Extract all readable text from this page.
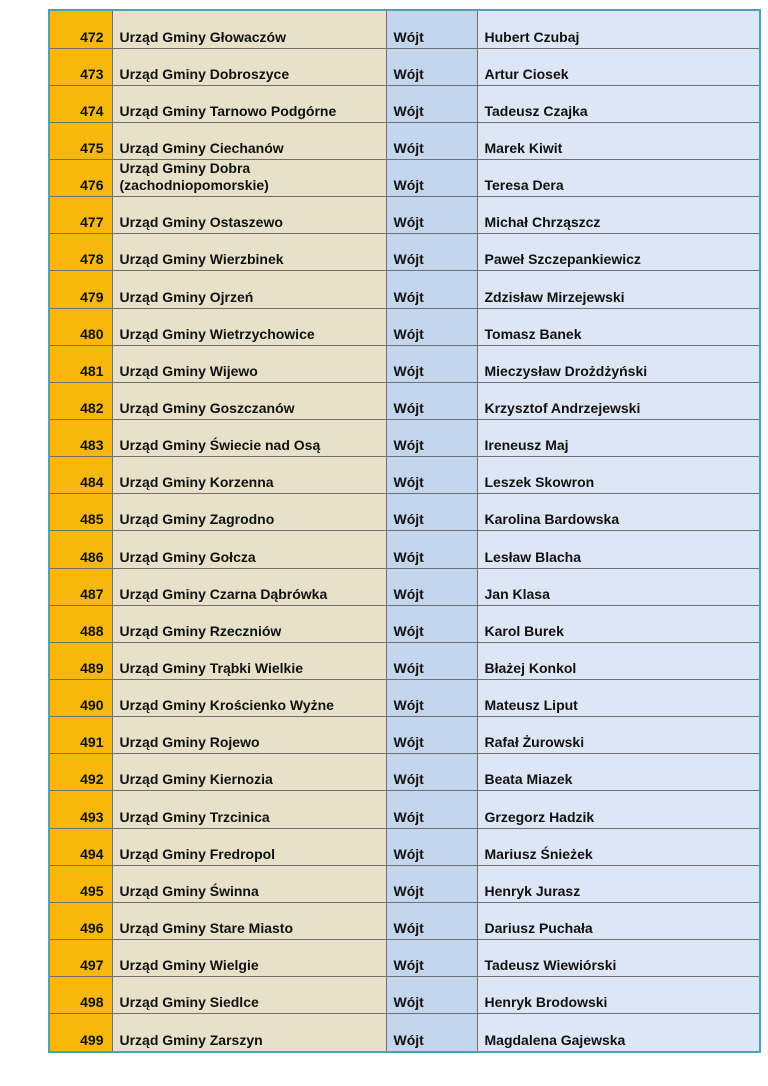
472	Urząd Gminy Głowaczów	Wójt	Hubert Czubaj
473	Urząd Gminy Dobroszyce	Wójt	Artur Ciosek
474	Urząd Gminy Tarnowo Podgórne	Wójt	Tadeusz Czajka
475	Urząd Gminy Ciechanów	Wójt	Marek Kiwit
476	Urząd Gminy Dobra (zachodniopomorskie)	Wójt	Teresa Dera
477	Urząd Gminy Ostaszewo	Wójt	Michał Chrząszcz
478	Urząd Gminy Wierzbinek	Wójt	Paweł Szczepankiewicz
479	Urząd Gminy Ojrzeń	Wójt	Zdzisław Mirzejewski
480	Urząd Gminy Wietrzychowice	Wójt	Tomasz Banek
481	Urząd Gminy Wijewo	Wójt	Mieczysław Drożdżyński
482	Urząd Gminy Goszczanów	Wójt	Krzysztof Andrzejewski
483	Urząd Gminy Świecie nad Osą	Wójt	Ireneusz Maj
484	Urząd Gminy Korzenna	Wójt	Leszek Skowron
485	Urząd Gminy Zagrodno	Wójt	Karolina Bardowska
486	Urząd Gminy Gołcza	Wójt	Lesław Blacha
487	Urząd Gminy Czarna Dąbrówka	Wójt	Jan Klasa
488	Urząd Gminy Rzeczniów	Wójt	Karol Burek
489	Urząd Gminy Trąbki Wielkie	Wójt	Błażej Konkol
490	Urząd Gminy Krościenko Wyżne	Wójt	Mateusz Liput
491	Urząd Gminy Rojewo	Wójt	Rafał Żurowski
492	Urząd Gminy Kiernozia	Wójt	Beata Miazek
493	Urząd Gminy Trzcinica	Wójt	Grzegorz Hadzik
494	Urząd Gminy Fredropol	Wójt	Mariusz Śnieżek
495	Urząd Gminy Świnna	Wójt	Henryk Jurasz
496	Urząd Gminy Stare Miasto	Wójt	Dariusz Puchała
497	Urząd Gminy Wielgie	Wójt	Tadeusz Wiewiórski
498	Urząd Gminy Siedlce	Wójt	Henryk Brodowski
499	Urząd Gminy Zarszyn	Wójt	Magdalena Gajewska
